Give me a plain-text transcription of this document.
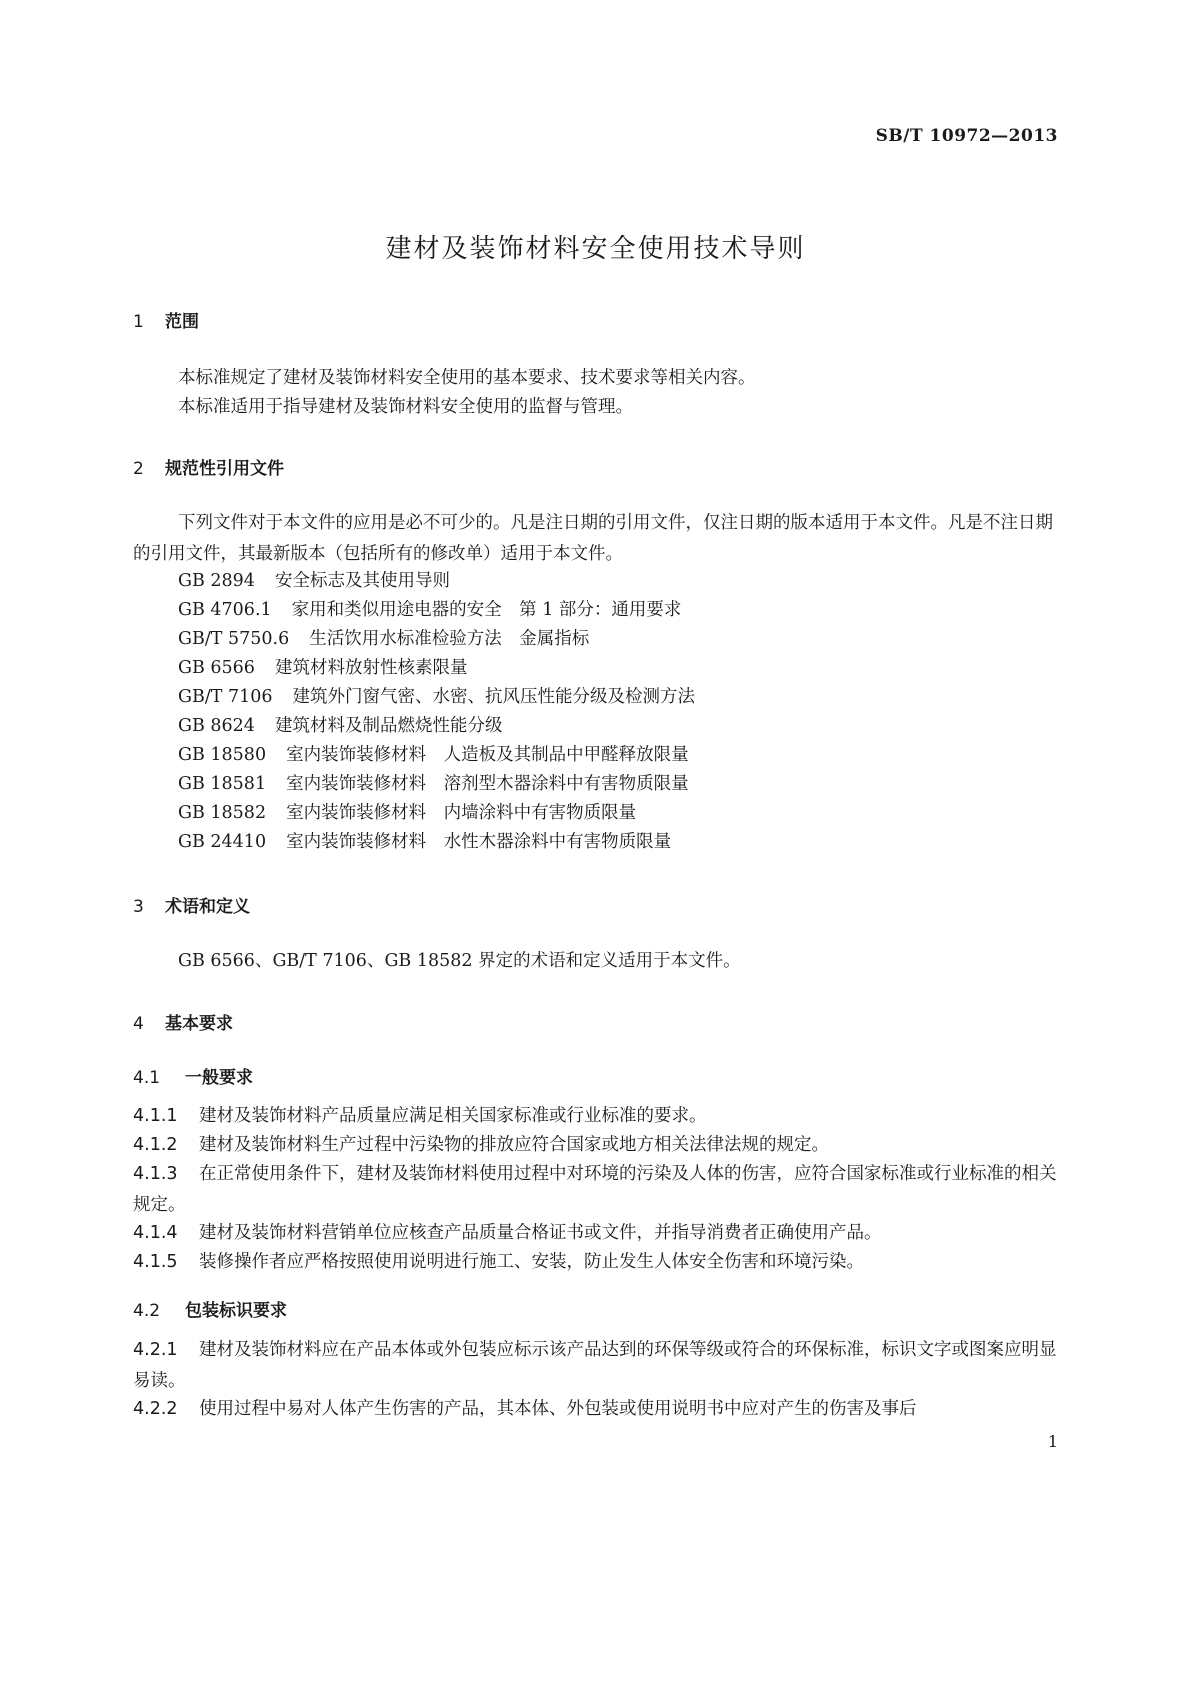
SB/T 10972—2013
建材及装饰材料安全使用技术导则
1 范围
本标准规定了建材及装饰材料安全使用的基本要求、技术要求等相关内容。
本标准适用于指导建材及装饰材料安全使用的监督与管理。
2 规范性引用文件
下列文件对于本文件的应用是必不可少的。凡是注日期的引用文件，仅注日期的版本适用于本文件。凡是不注日期的引用文件，其最新版本（包括所有的修改单）适用于本文件。
GB 2894 安全标志及其使用导则
GB 4706.1 家用和类似用途电器的安全　第 1 部分：通用要求
GB/T 5750.6 生活饮用水标准检验方法　金属指标
GB 6566 建筑材料放射性核素限量
GB/T 7106 建筑外门窗气密、水密、抗风压性能分级及检测方法
GB 8624 建筑材料及制品燃烧性能分级
GB 18580 室内装饰装修材料　人造板及其制品中甲醛释放限量
GB 18581 室内装饰装修材料　溶剂型木器涂料中有害物质限量
GB 18582 室内装饰装修材料　内墙涂料中有害物质限量
GB 24410 室内装饰装修材料　水性木器涂料中有害物质限量
3 术语和定义
GB 6566、GB/T 7106、GB 18582 界定的术语和定义适用于本文件。
4 基本要求
4.1 一般要求
4.1.1 建材及装饰材料产品质量应满足相关国家标准或行业标准的要求。
4.1.2 建材及装饰材料生产过程中污染物的排放应符合国家或地方相关法律法规的规定。
4.1.3 在正常使用条件下，建材及装饰材料使用过程中对环境的污染及人体的伤害，应符合国家标准或行业标准的相关规定。
4.1.4 建材及装饰材料营销单位应核查产品质量合格证书或文件，并指导消费者正确使用产品。
4.1.5 装修操作者应严格按照使用说明进行施工、安装，防止发生人体安全伤害和环境污染。
4.2 包装标识要求
4.2.1 建材及装饰材料应在产品本体或外包装应标示该产品达到的环保等级或符合的环保标准，标识文字或图案应明显易读。
4.2.2 使用过程中易对人体产生伤害的产品，其本体、外包装或使用说明书中应对产生的伤害及事后
1
